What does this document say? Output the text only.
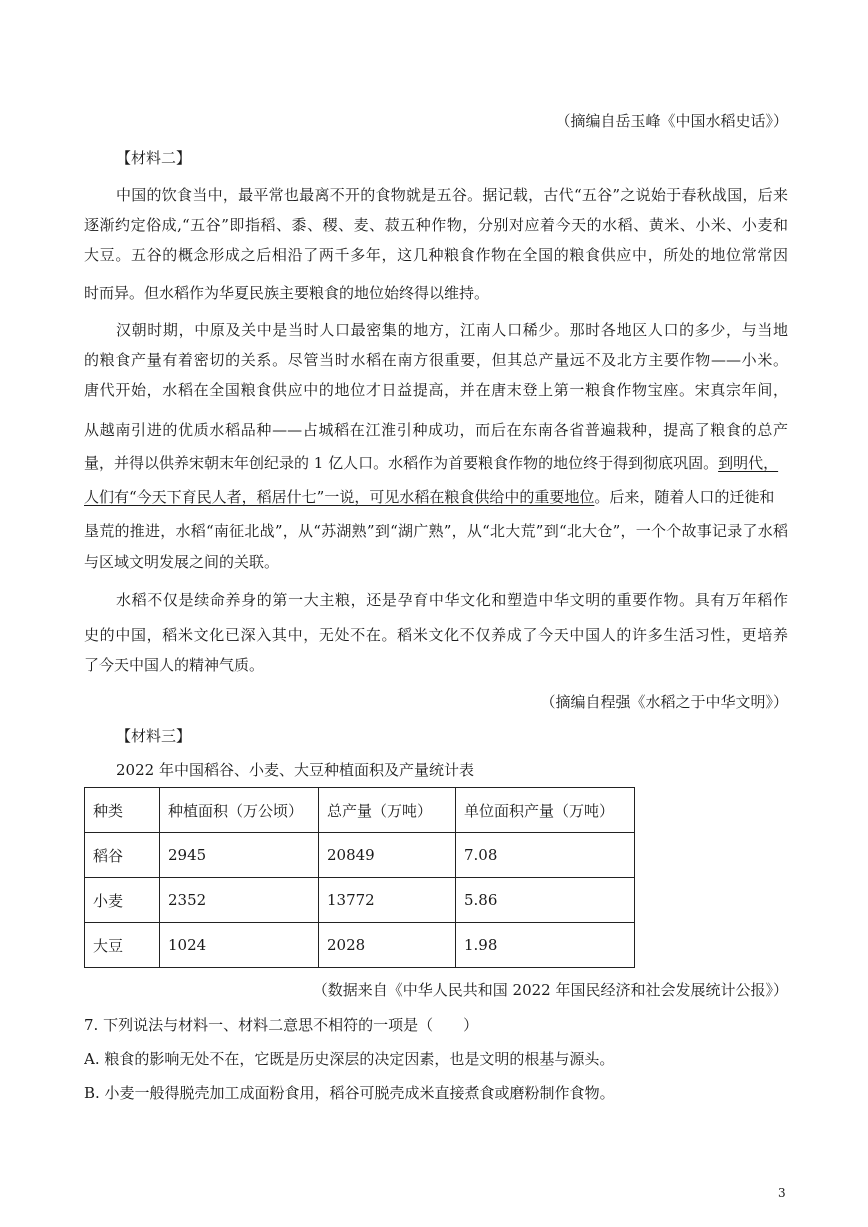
（摘编自岳玉峰《中国水稻史话》）
【材料二】
中国的饮食当中，最平常也最离不开的食物就是五谷。据记载，古代“五谷”之说始于春秋战国，后来
逐渐约定俗成,“五谷”即指稻、黍、稷、麦、菽五种作物，分别对应着今天的水稻、黄米、小米、小麦和
大豆。五谷的概念形成之后相沿了两千多年，这几种粮食作物在全国的粮食供应中，所处的地位常常因
时而异。但水稻作为华夏民族主要粮食的地位始终得以维持。
汉朝时期，中原及关中是当时人口最密集的地方，江南人口稀少。那时各地区人口的多少，与当地
的粮食产量有着密切的关系。尽管当时水稻在南方很重要，但其总产量远不及北方主要作物——小米。
唐代开始，水稻在全国粮食供应中的地位才日益提高，并在唐末登上第一粮食作物宝座。宋真宗年间，
从越南引进的优质水稻品种——占城稻在江淮引种成功，而后在东南各省普遍栽种，提高了粮食的总产
量，并得以供养宋朝末年创纪录的 1 亿人口。水稻作为首要粮食作物的地位终于得到彻底巩固。到明代，
人们有“今天下育民人者，稻居什七”一说，可见水稻在粮食供给中的重要地位。后来，随着人口的迁徙和
垦荒的推进，水稻“南征北战”，从“苏湖熟”到“湖广熟”，从“北大荒”到“北大仓”，一个个故事记录了水稻
与区域文明发展之间的关联。
水稻不仅是续命养身的第一大主粮，还是孕育中华文化和塑造中华文明的重要作物。具有万年稻作
史的中国，稻米文化已深入其中，无处不在。稻米文化不仅养成了今天中国人的许多生活习性，更培养
了今天中国人的精神气质。
（摘编自程强《水稻之于中华文明》）
【材料三】
2022 年中国稻谷、小麦、大豆种植面积及产量统计表
种类	种植面积（万公顷）	总产量（万吨）	单位面积产量（万吨）
稻谷	2945	20849	7.08
小麦	2352	13772	5.86
大豆	1024	2028	1.98
（数据来自《中华人民共和国 2022 年国民经济和社会发展统计公报》）
7. 下列说法与材料一、材料二意思不相符的一项是（　　）
A. 粮食的影响无处不在，它既是历史深层的决定因素，也是文明的根基与源头。
B. 小麦一般得脱壳加工成面粉食用，稻谷可脱壳成米直接煮食或磨粉制作食物。
3
